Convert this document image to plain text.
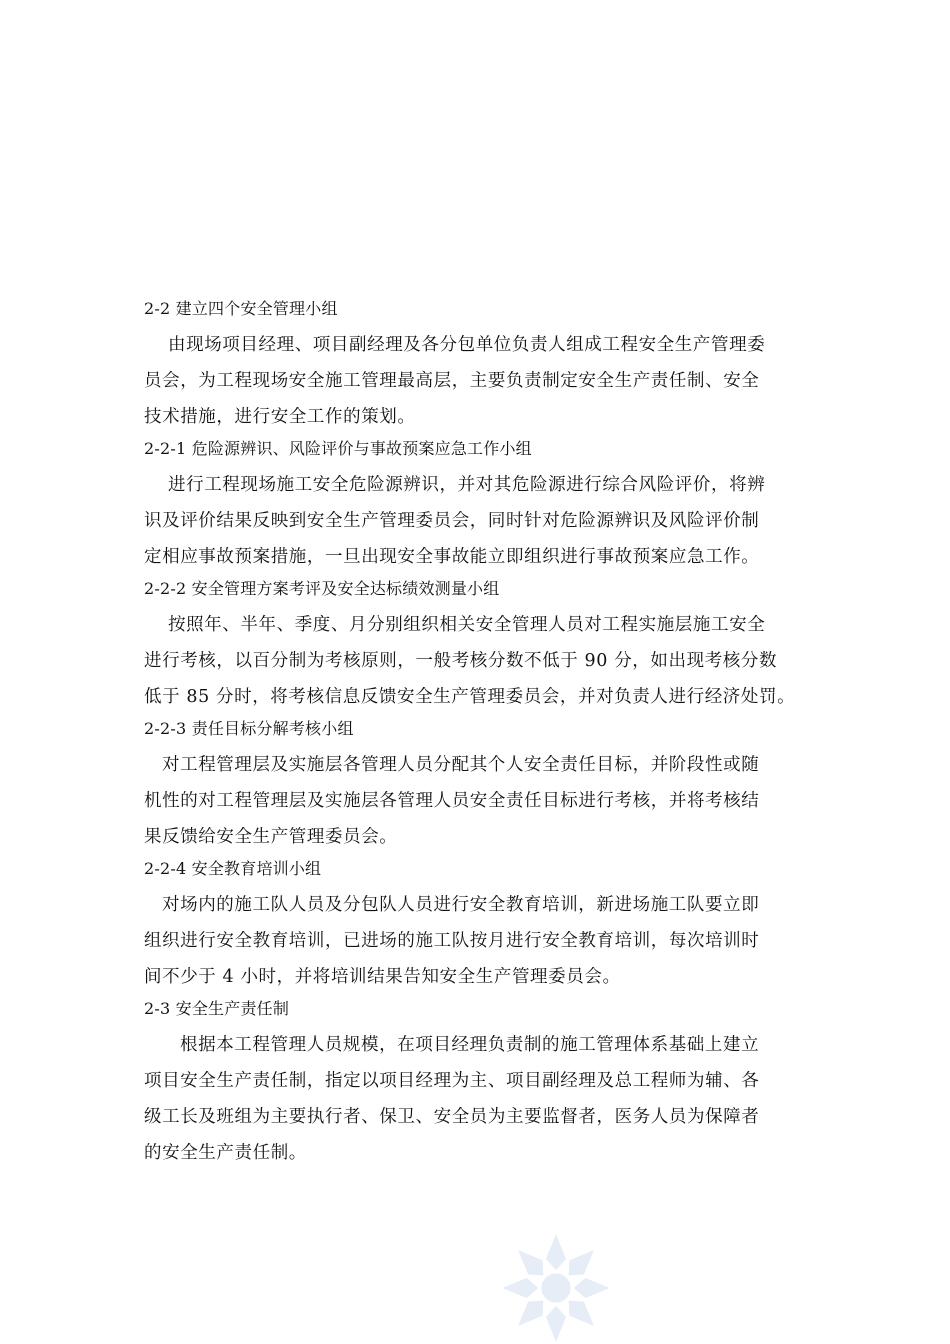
2-2 建立四个安全管理小组
由现场项目经理、项目副经理及各分包单位负责人组成工程安全生产管理委
员会，为工程现场安全施工管理最高层，主要负责制定安全生产责任制、安全
技术措施，进行安全工作的策划。
2-2-1 危险源辨识、风险评价与事故预案应急工作小组
进行工程现场施工安全危险源辨识，并对其危险源进行综合风险评价，将辨
识及评价结果反映到安全生产管理委员会，同时针对危险源辨识及风险评价制
定相应事故预案措施，一旦出现安全事故能立即组织进行事故预案应急工作。
2-2-2 安全管理方案考评及安全达标绩效测量小组
按照年、半年、季度、月分别组织相关安全管理人员对工程实施层施工安全
进行考核，以百分制为考核原则，一般考核分数不低于 90 分，如出现考核分数
低于 85 分时，将考核信息反馈安全生产管理委员会，并对负责人进行经济处罚。
2-2-3 责任目标分解考核小组
对工程管理层及实施层各管理人员分配其个人安全责任目标，并阶段性或随
机性的对工程管理层及实施层各管理人员安全责任目标进行考核，并将考核结
果反馈给安全生产管理委员会。
2-2-4 安全教育培训小组
对场内的施工队人员及分包队人员进行安全教育培训，新进场施工队要立即
组织进行安全教育培训，已进场的施工队按月进行安全教育培训，每次培训时
间不少于 4 小时，并将培训结果告知安全生产管理委员会。
2-3 安全生产责任制
根据本工程管理人员规模，在项目经理负责制的施工管理体系基础上建立
项目安全生产责任制，指定以项目经理为主、项目副经理及总工程师为辅、各
级工长及班组为主要执行者、保卫、安全员为主要监督者，医务人员为保障者
的安全生产责任制。
